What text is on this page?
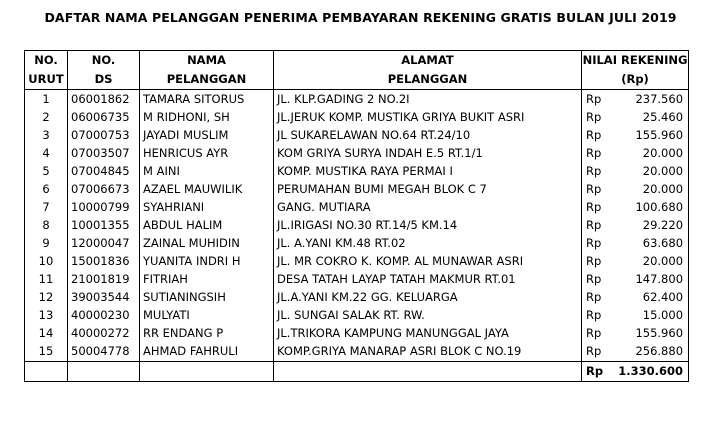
DAFTAR NAMA PELANGGAN PENERIMA PEMBAYARAN REKENING GRATIS BULAN JULI 2019
NO.	NO.	NAMA	ALAMAT	NILAI REKENING	
URUT	DS	PELANGGAN	PELANGGAN	(Rp)	
1	06001862	TAMARA SITORUS	JL. KLP.GADING 2 NO.2I	Rp	237.560
2	06006735	M RIDHONI, SH	JL.JERUK KOMP. MUSTIKA GRIYA BUKIT ASRI	Rp	25.460
3	07000753	JAYADI MUSLIM	JL SUKARELAWAN NO.64 RT.24/10	Rp	155.960
4	07003507	HENRICUS AYR	KOM GRIYA SURYA INDAH E.5 RT.1/1	Rp	20.000
5	07004845	M AINI	KOMP. MUSTIKA RAYA PERMAI I	Rp	20.000
6	07006673	AZAEL MAUWILIK	PERUMAHAN BUMI MEGAH BLOK C 7	Rp	20.000
7	10000799	SYAHRIANI	GANG. MUTIARA	Rp	100.680
8	10001355	ABDUL HALIM	JL.IRIGASI NO.30 RT.14/5 KM.14	Rp	29.220
9	12000047	ZAINAL MUHIDIN	JL. A.YANI KM.48 RT.02	Rp	63.680
10	15001836	YUANITA INDRI H	JL. MR COKRO K. KOMP. AL MUNAWAR ASRI	Rp	20.000
11	21001819	FITRIAH	DESA TATAH LAYAP TATAH MAKMUR RT.01	Rp	147.800
12	39003544	SUTIANINGSIH	JL.A.YANI KM.22 GG. KELUARGA	Rp	62.400
13	40000230	MULYATI	JL. SUNGAI SALAK RT. RW.	Rp	15.000
14	40000272	RR ENDANG P	JL.TRIKORA KAMPUNG MANUNGGAL JAYA	Rp	155.960
15	50004778	AHMAD FAHRULI	KOMP.GRIYA MANARAP ASRI BLOK C NO.19	Rp	256.880
				Rp	1.330.600
